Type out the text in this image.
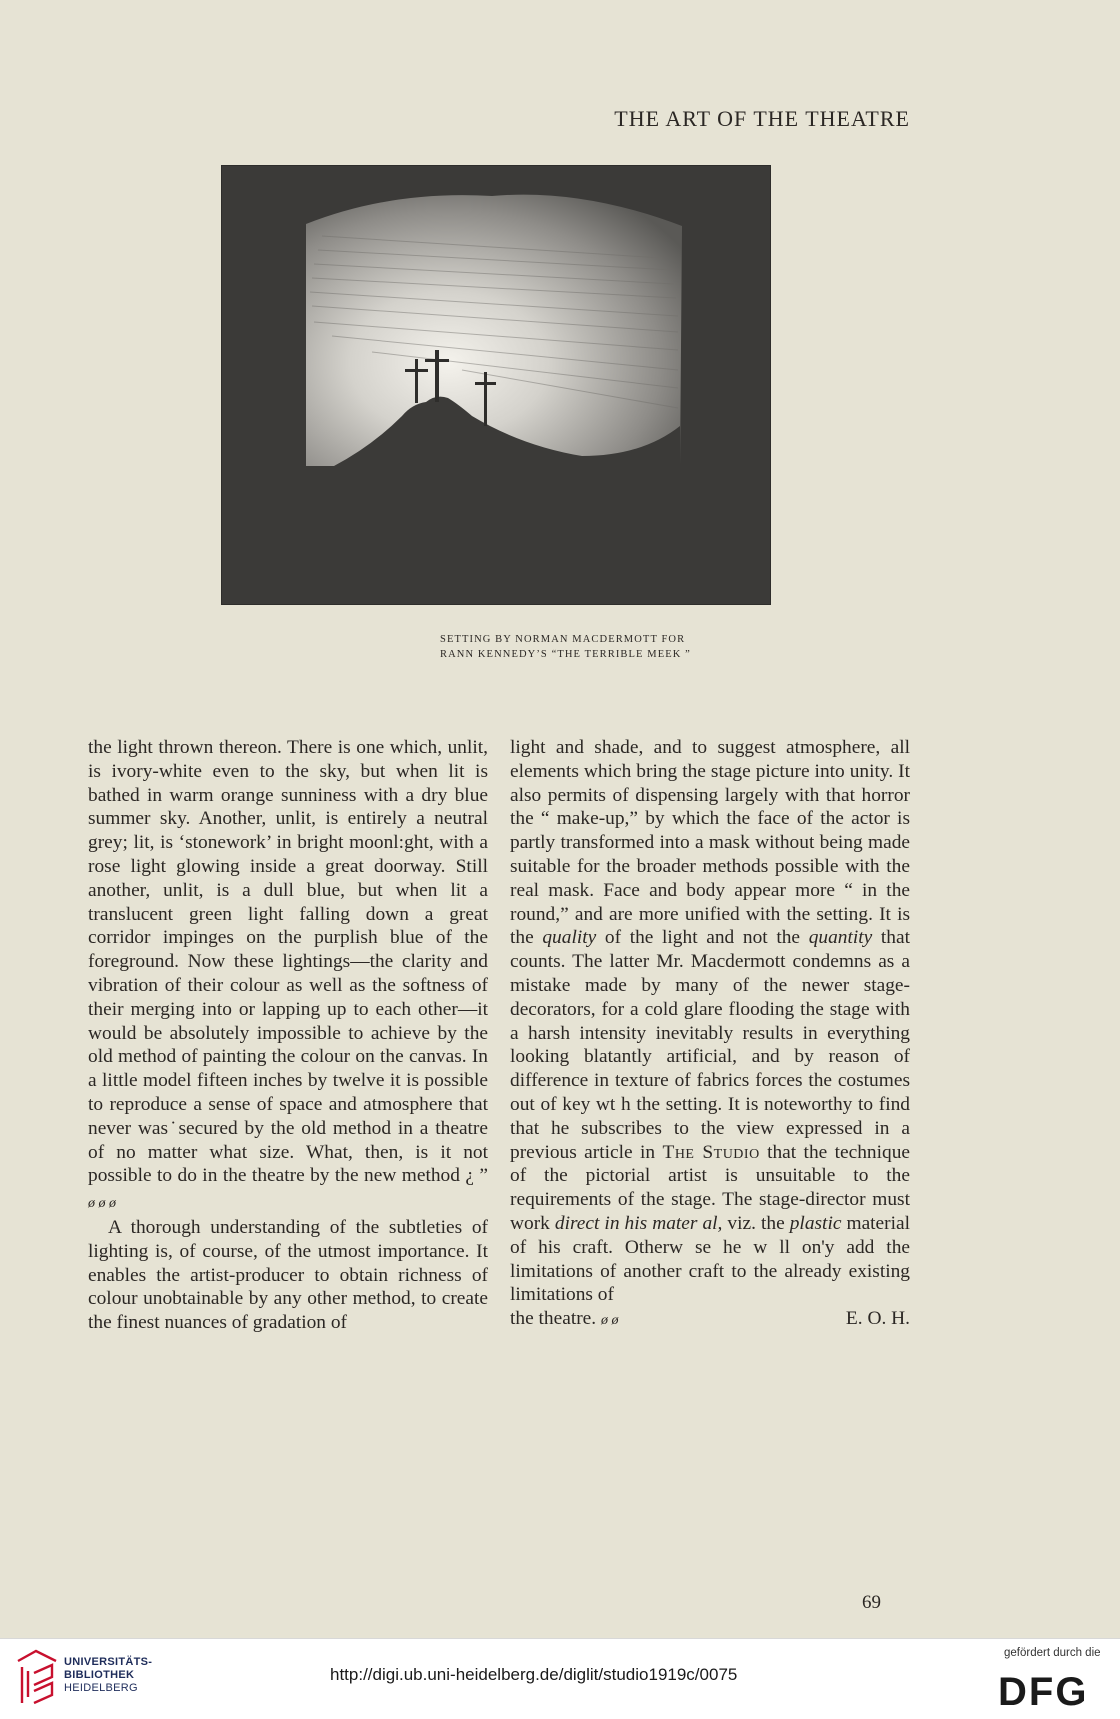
THE ART OF THE THEATRE
SETTING BY NORMAN MACDERMOTT FOR
RANN KENNEDY’S “THE TERRIBLE MEEK ”

the light thrown thereon. There is one which, unlit, is ivory-white even to the sky, but when lit is bathed in warm orange sunniness with a dry blue summer sky. Another, unlit, is entirely a neutral grey; lit, is ‘stonework’ in bright moonl:ght, with a rose light glowing inside a great doorway. Still another, unlit, is a dull blue, but when lit a translucent green light falling down a great corridor impinges on the purplish blue of the foreground. Now these lightings—the clarity and vibration of their colour as well as the softness of their merging into or lapping up to each other—it would be absolutely impossible to achieve by the old method of painting the colour on the canvas. In a little model fifteen inches by twelve it is possible to reproduce a sense of space and atmosphere that never was˙secured by the old method in a theatre of no matter what size. What, then, is it not possible to do in the theatre by the new method ¿ ” ø ø ø

A thorough understanding of the subtleties of lighting is, of course, of the utmost importance. It enables the artist-producer to obtain richness of colour unobtainable by any other method, to create the finest nuances of gradation of

light and shade, and to suggest atmosphere, all elements which bring the stage picture into unity. It also permits of dispensing largely with that horror the “ make-up,” by which the face of the actor is partly transformed into a mask without being made suitable for the broader methods possible with the real mask. Face and body appear more “ in the round,” and are more unified with the setting. It is the quality of the light and not the quantity that counts. The latter Mr. Macdermott condemns as a mistake made by many of the newer stage-decorators, for a cold glare flooding the stage with a harsh intensity inevitably results in everything looking blatantly artificial, and by reason of difference in texture of fabrics forces the costumes out of key wt h the setting. It is noteworthy to find that he subscribes to the view expressed in a previous article in The Studio that the technique of the pictorial artist is unsuitable to the requirements of the stage. The stage-director must work direct in his mater al, viz. the plastic material of his craft. Otherw se he w ll on'y add the limitations of another craft to the already existing limitations of

the theatre. ø ø	E. O. H.
69
UNIVERSITÄTS-
BIBLIOTHEK
HEIDELBERG
http://digi.ub.uni-heidelberg.de/diglit/studio1919c/0075
gefördert durch die
DFG
